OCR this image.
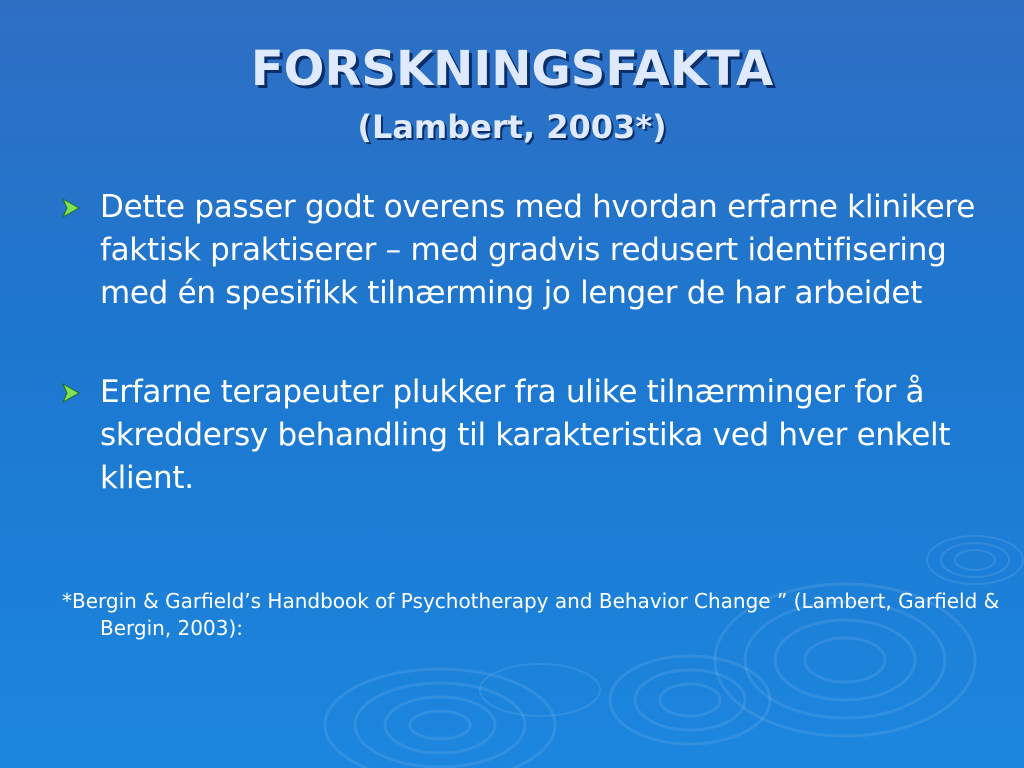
FORSKNINGSFAKTA
(Lambert, 2003*)
Dette passer godt overens med hvordan erfarne klinikere faktisk praktiserer – med gradvis redusert identifisering med én spesifikk tilnærming jo lenger de har arbeidet
Erfarne terapeuter plukker fra ulike tilnærminger for å skreddersy behandling til karakteristika ved hver enkelt klient.

*Bergin & Garfield’s Handbook of Psychotherapy and Behavior Change ” (Lambert, Garfield & Bergin, 2003):
